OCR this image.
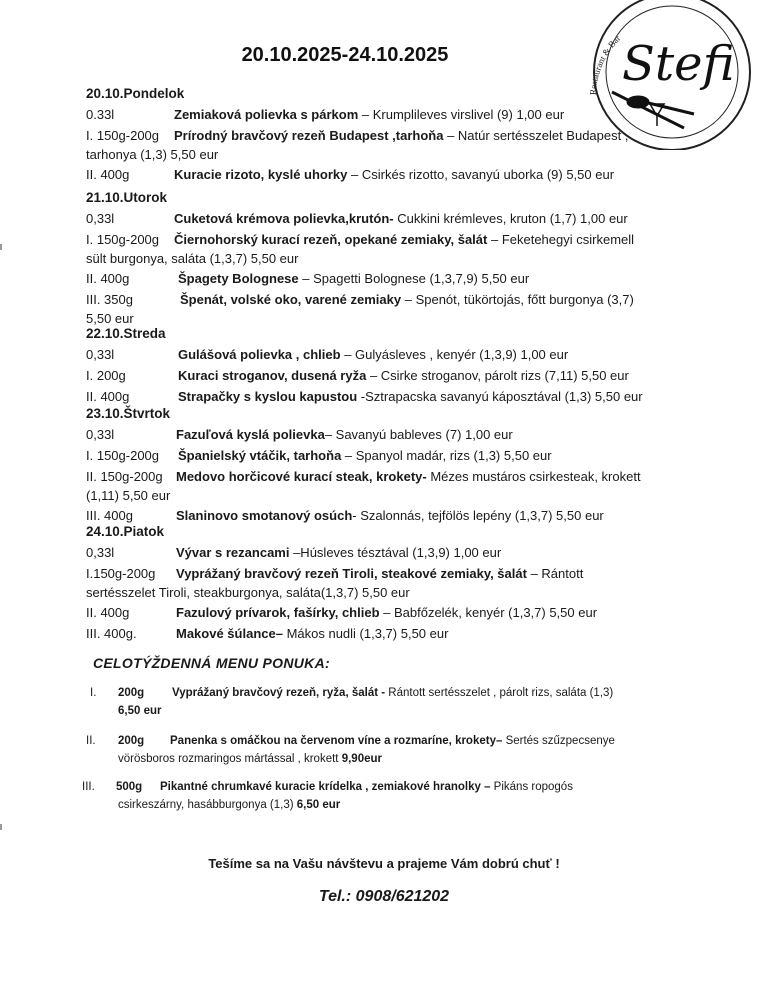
Restaurant & Bar Stefi
20.10.2025-24.10.2025
20.10.Pondelok
0.33l	Zemiaková polievka s párkom – Krumplileves virslivel (9) 1,00 eur
I. 150g-200g Prírodný bravčový rezeň Budapest ,tarhoňa – Natúr sertésszelet Budapest ,
tarhonya (1,3) 5,50 eur
II. 400g	Kuracie rizoto, kyslé uhorky – Csirkés rizotto, savanyú uborka (9) 5,50 eur
21.10.Utorok
0,33l	Cuketová krémova polievka,krutón- Cukkini krémleves, kruton (1,7) 1,00 eur
I. 150g-200g Čiernohorský kurací rezeň, opekané zemiaky, šalát – Feketehegyi csirkemell
sült burgonya, saláta (1,3,7) 5,50 eur
II. 400g	Špagety Bolognese – Spagetti Bolognese (1,3,7,9) 5,50 eur
III. 350g	Špenát, volské oko, varené zemiaky – Spenót, tükörtojás, főtt burgonya (3,7)
5,50 eur
22.10.Streda
0,33l	Gulášová polievka , chlieb – Gulyásleves , kenyér (1,3,9) 1,00 eur
I. 200g	Kuraci stroganov, dusená ryža – Csirke stroganov, párolt rizs (7,11) 5,50 eur
II. 400g	Strapačky s kyslou kapustou -Sztrapacska savanyú káposztával (1,3) 5,50 eur
23.10.Štvrtok
0,33l	Fazuľová kyslá polievka– Savanyú bableves (7) 1,00 eur
I. 150g-200g Španielský vtáčik, tarhoňa – Spanyol madár, rizs (1,3) 5,50 eur
II. 150g-200g Medovo horčicové kurací steak, krokety- Mézes mustáros csirkesteak, krokett
(1,11) 5,50 eur
III. 400g	Slaninovo smotanový osúch- Szalonnás, tejfölös lepény (1,3,7) 5,50 eur
24.10.Piatok
0,33l	Vývar s rezancami –Húsleves tésztával (1,3,9) 1,00 eur
I.150g-200g Vyprážaný bravčový rezeň Tiroli, steakové zemiaky, šalát – Rántott
sertésszelet Tiroli, steakburgonya, saláta(1,3,7) 5,50 eur
II. 400g	Fazulový prívarok, fašírky, chlieb – Babfőzelék, kenyér (1,3,7) 5,50 eur
III. 400g.	Makové šúlance– Mákos nudli (1,3,7) 5,50 eur
CELOTÝŽDENNÁ MENU PONUKA:
I. 200g Vyprážaný bravčový rezeň, ryža, šalát - Rántott sertésszelet , párolt rizs, saláta (1,3)
6,50 eur
II. 200g Panenka s omáčkou na červenom víne a rozmaríne, krokety– Sertés szűzpecsenye
vörösboros rozmaringos mártással , krokett 9,90eur
III. 500g Pikantné chrumkavé kuracie krídelka , zemiakové hranolky – Pikáns ropogós
csirkeszárny, hasábburgonya (1,3) 6,50 eur
Tešíme sa na Vašu návštevu a prajeme Vám dobrú chuť !
Tel.: 0908/621202
